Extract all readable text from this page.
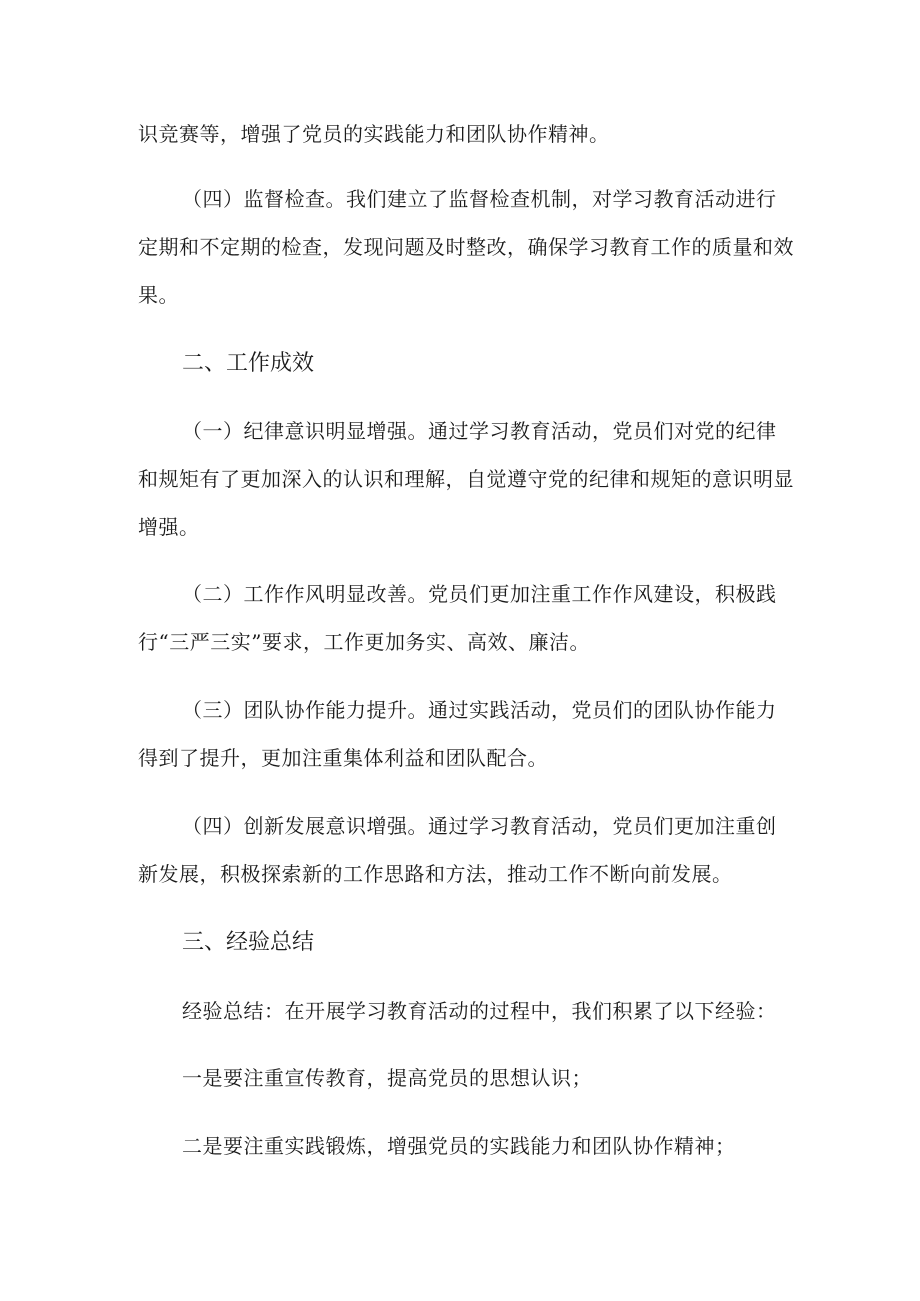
识竞赛等，增强了党员的实践能力和团队协作精神。
（四）监督检查。我们建立了监督检查机制，对学习教育活动进行
定期和不定期的检查，发现问题及时整改，确保学习教育工作的质量和效
果。
二、工作成效
（一）纪律意识明显增强。通过学习教育活动，党员们对党的纪律
和规矩有了更加深入的认识和理解，自觉遵守党的纪律和规矩的意识明显
增强。
（二）工作作风明显改善。党员们更加注重工作作风建设，积极践
行“三严三实”要求，工作更加务实、高效、廉洁。
（三）团队协作能力提升。通过实践活动，党员们的团队协作能力
得到了提升，更加注重集体利益和团队配合。
（四）创新发展意识增强。通过学习教育活动，党员们更加注重创
新发展，积极探索新的工作思路和方法，推动工作不断向前发展。
三、经验总结
经验总结：在开展学习教育活动的过程中，我们积累了以下经验：
一是要注重宣传教育，提高党员的思想认识；
二是要注重实践锻炼，增强党员的实践能力和团队协作精神；
